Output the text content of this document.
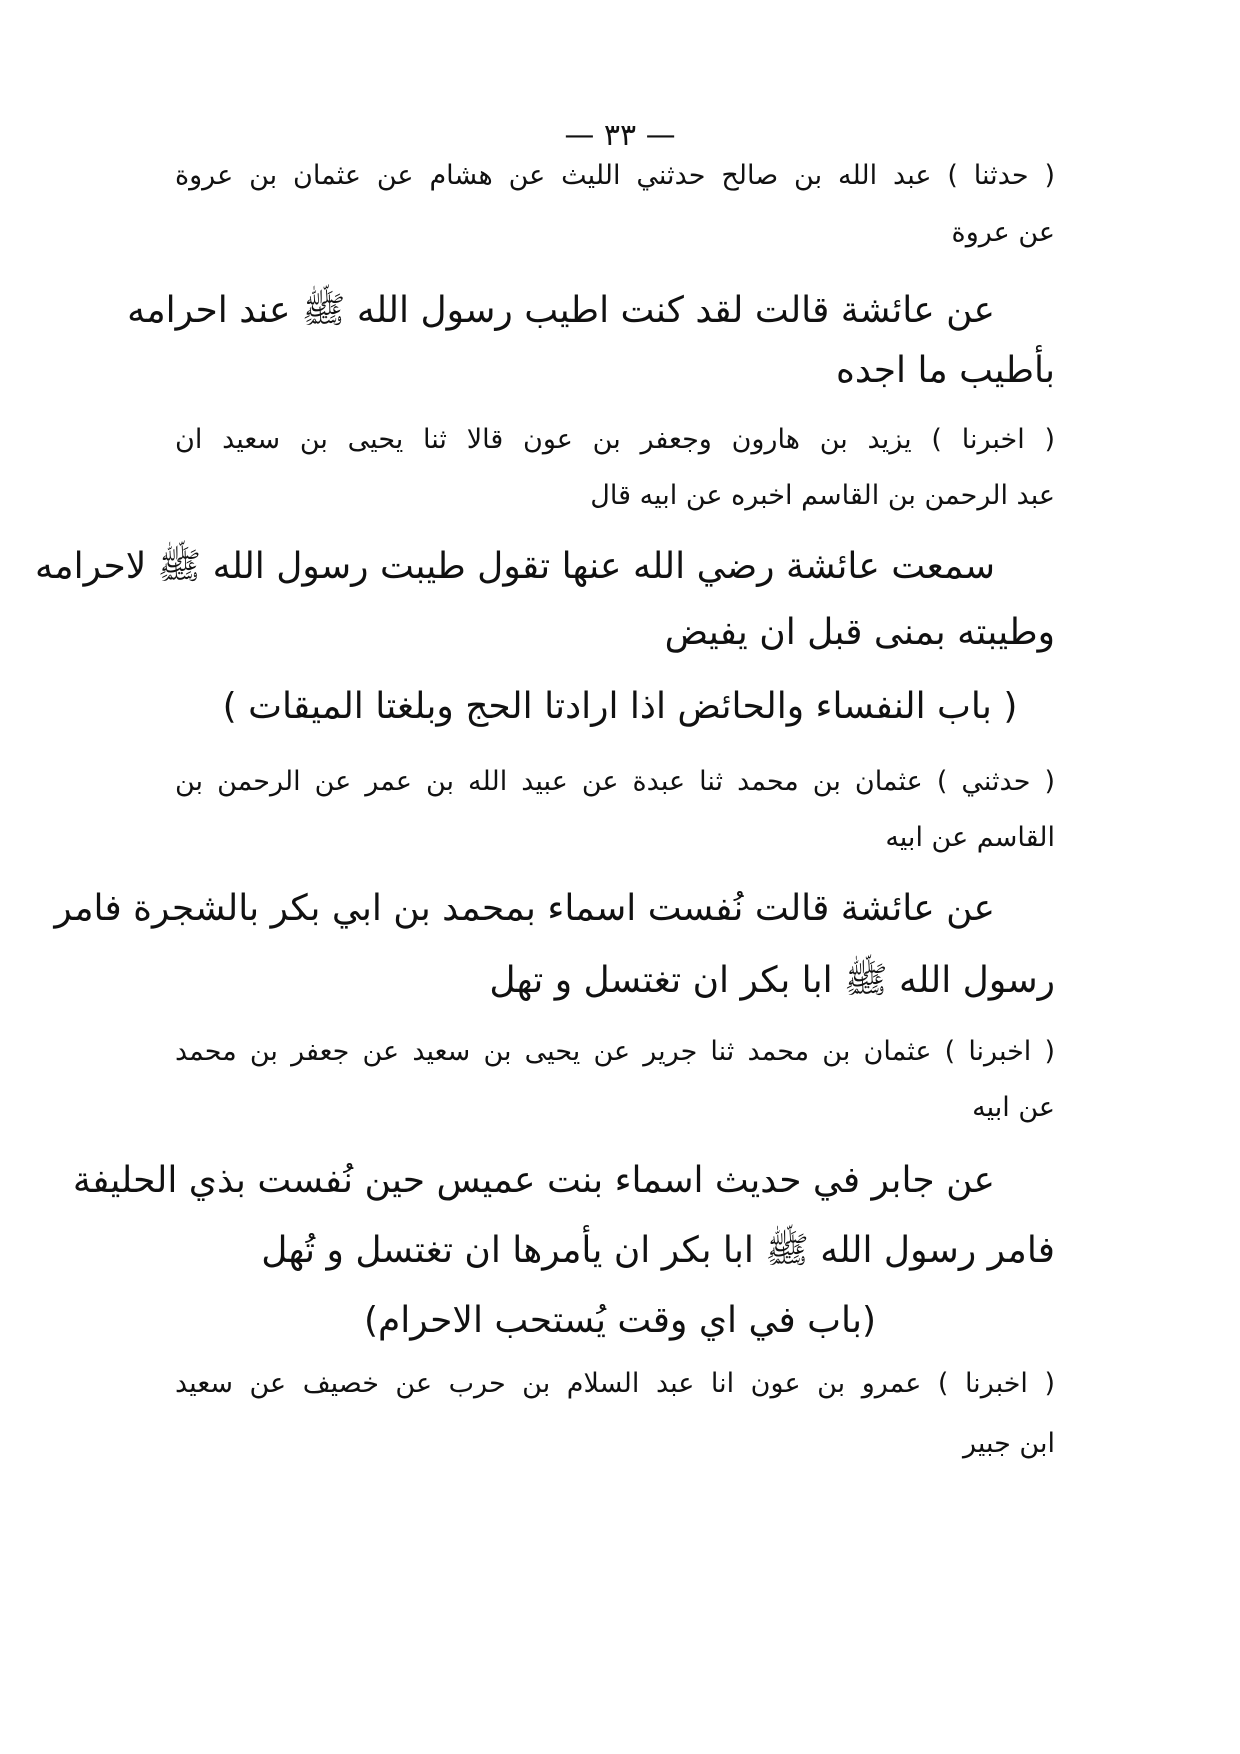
— ٣٣ —
( حدثنا ) عبد الله بن صالح حدثني الليث عن هشام عن عثمان بن عروة
عن عروة
عن عائشة قالت لقد كنت اطيب رسول الله ﷺ عند احرامه
بأطيب ما اجده
( اخبرنا ) يزيد بن هارون وجعفر بن عون قالا ثنا يحيى بن سعيد ان
عبد الرحمن بن القاسم اخبره عن ابيه قال
سمعت عائشة رضي الله عنها تقول طيبت رسول الله ﷺ لاحرامه
وطيبته بمنى قبل ان يفيض
( باب النفساء والحائض اذا ارادتا الحج وبلغتا الميقات )
( حدثني ) عثمان بن محمد ثنا عبدة عن عبيد الله بن عمر عن الرحمن بن
القاسم عن ابيه
عن عائشة قالت نُفست اسماء بمحمد بن ابي بكر بالشجرة فامر
رسول الله ﷺ ابا بكر ان تغتسل و تهل
( اخبرنا ) عثمان بن محمد ثنا جرير عن يحيى بن سعيد عن جعفر بن محمد
عن ابيه
عن جابر في حديث اسماء بنت عميس حين نُفست بذي الحليفة
فامر رسول الله ﷺ ابا بكر ان يأمرها ان تغتسل و تُهل
(باب في اي وقت يُستحب الاحرام)
( اخبرنا ) عمرو بن عون انا عبد السلام بن حرب عن خصيف عن سعيد
ابن جبير
